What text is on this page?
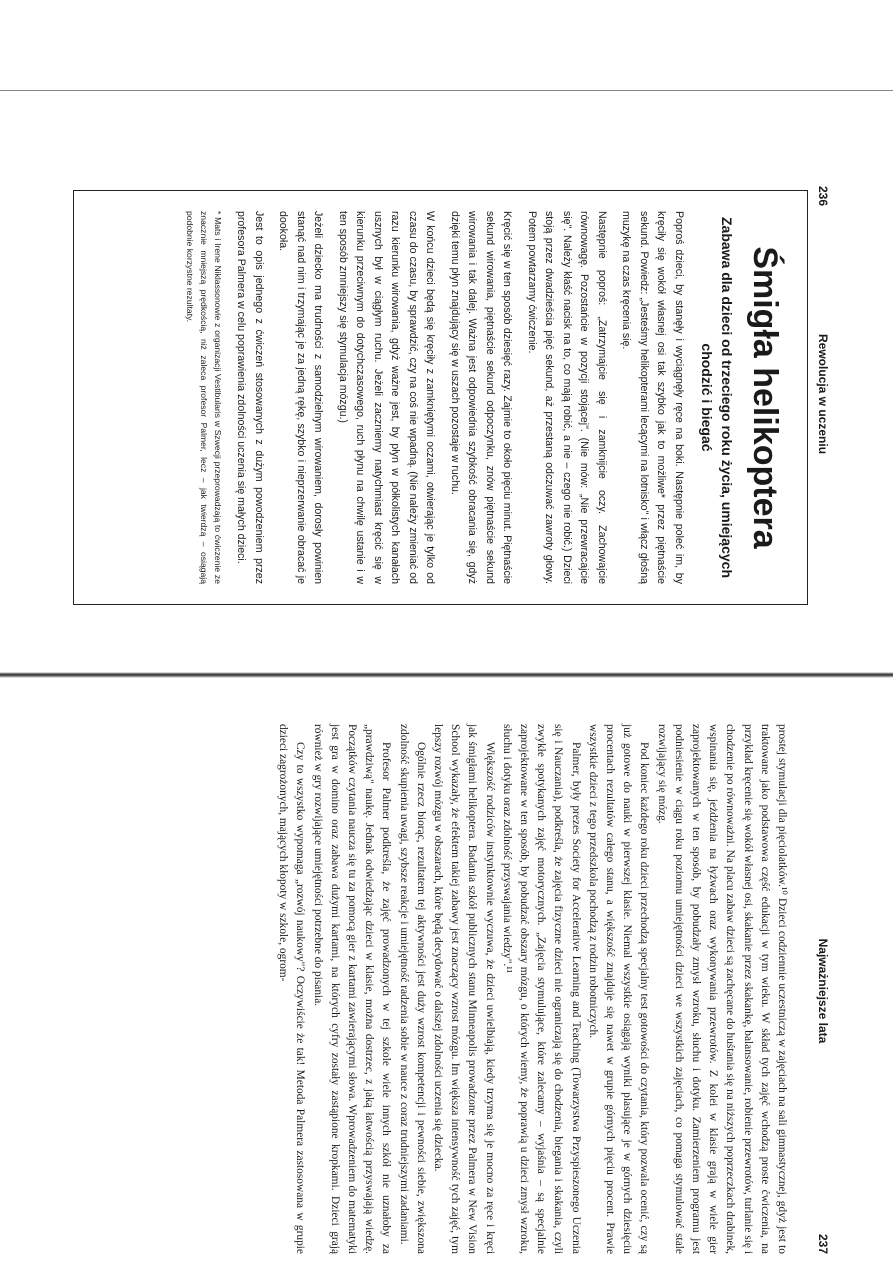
236
Rewolucja w uczeniu
Śmigła helikoptera
Zabawa dla dzieci od trzeciego roku życia, umiejących chodzić i biegać

Poproś dzieci, by stanęły i wyciągnęły ręce na boki. Następnie poleć im, by kręciły się wokół własnej osi tak szybko jak to możliwe* przez piętnaście sekund. Powiedz: „Jesteśmy helikopterami lecącymi na lotnisko" i włącz głośną muzykę na czas kręcenia się.

Następnie poproś: „Zatrzymajcie się i zamknijcie oczy. Zachowajcie równowagę. Pozostańcie w pozycji stojącej". (Nie mów: „Nie przewracajcie się". Należy kłaść nacisk na to, co mają robić, a nie – czego nie robić.) Dzieci stoją przez dwadzieścia pięć sekund, aż przestaną odczuwać zawroty głowy. Potem powtarzamy ćwiczenie.

Kręcić się w ten sposób dziesięć razy. Zajmie to około pięciu minut. Piętnaście sekund wirowania, piętnaście sekund odpoczynku, znów piętnaście sekund wirowania i tak dalej. Ważna jest odpowiednia szybkość obracania się, gdyż dzięki temu płyn znajdujący się w uszach pozostaje w ruchu.

W końcu dzieci będą się kręciły z zamkniętymi oczami, otwierając je tylko od czasu do czasu, by sprawdzić, czy na coś nie wpadną. (Nie należy zmieniać od razu kierunku wirowania, gdyż ważne jest, by płyn w półkolistych kanałach usznych był w ciągłym ruchu. Jeżeli zaczniemy natychmiast kręcić się w kierunku przeciwnym do dotychczasowego, ruch płynu na chwilę ustanie i w ten sposób zmniejszy się stymulacja mózgu.)

Jeżeli dziecko ma trudności z samodzielnym wirowaniem, dorosły powinien stanąć nad nim i trzymając je za jedną rękę, szybko i nieprzerwanie obracać je dookoła.

Jest to opis jednego z ćwiczeń stosowanych z dużym powodzeniem przez profesora Palmera w celu poprawienia zdolności uczenia się małych dzieci.

* Mats i Irene Niklassonowie z organizacji Vestibularis w Szwecji przeprowadzają to ćwiczenie ze znacznie mniejszą prędkością, niż zaleca profesor Palmer, lecz – jak twierdzą – osiągają podobnie korzystne rezultaty.

Najważniejsze lata
237

prostej stymulacji dla pięciolatków.¹⁰ Dzieci codziennie uczestniczą w zajęciach na sali gimnastycznej, gdyż jest to traktowane jako podstawowa część edukacji w tym wieku. W skład tych zajęć wchodzą proste ćwiczenia, na przykład kręcenie się wokół własnej osi, skakanie przez skakankę, balansowanie, robienie przewrotów, turlanie się i chodzenie po równoważni. Na placu zabaw dzieci są zachęcane do huśtania się na niższych poprzeczkach drabinek, wspinania się, jeżdżenia na łyżwach oraz wykonywania przewrotów. Z kolei w klasie grają w wiele gier zaprojektowanych w ten sposób, by pobudzały zmysł wzroku, słuchu i dotyku. Zamierzeniem programu jest podniesienie w ciągu roku poziomu umiejętności dzieci we wszystkich zajęciach, co pomaga stymulować stale rozwijający się mózg.

Pod koniec każdego roku dzieci przechodzą specjalny test gotowości do czytania, który pozwala ocenić, czy są już gotowe do nauki w pierwszej klasie. Niemal wszystkie osiągają wyniki plasujące je w górnych dziesięciu procentach rezultatów całego stanu, a większość znajduje się nawet w grupie górnych pięciu procent. Prawie wszystkie dzieci z tego przedszkola pochodzą z rodzin robotniczych.

Palmer, były prezes Society for Accelerative Learning and Teaching (Towarzystwa Przyspieszonego Uczenia się i Nauczania), podkreśla, że zajęcia fizyczne dzieci nie ograniczają się do chodzenia, biegania i skakania, czyli zwykłe spotykanych zajęć motorycznych. „Zajęcia stymulujące, które zalecamy – wyjaśnia – są specjalnie zaprojektowane w ten sposób, by pobudzać obszary mózgu, o których wiemy, że poprawią u dzieci zmysł wzroku, słuchu i dotyku oraz zdolność przyswajania wiedzy".¹¹

Większość rodziców instynktownie wyczuwa, że dzieci uwielbiają, kiedy trzyma się je mocno za ręce i kręci jak śmigłami helikoptera. Badania szkół publicznych stanu Minneapolis prowadzone przez Palmera w New Vision School wykazały, że efektem takiej zabawy jest znaczący wzrost mózgu. Im większa intensywność tych zajęć, tym lepszy rozwój mózgu w obszarach, które będą decydować o dalszej zdolności uczenia się dziecka.

Ogólnie rzecz biorąc, rezultatem tej aktywności jest duży wzrost kompetencji i pewności siebie, zwiększona zdolność skupienia uwagi, szybsze reakcje i umiejętność radzenia sobie w nauce z coraz trudniejszymi zadaniami.

Profesor Palmer podkreśla, że zajęć prowadzonych w tej szkole wiele innych szkół nie uznałoby za „prawdziwą" naukę. Jednak odwiedzając dzieci w klasie, można dostrzec, z jaką łatwością przyswajają wiedzę. Początków czytania naucza się tu za pomocą gier z kartami zawierającymi słowa. Wprowadzeniem do matematyki jest gra w domino oraz zabawa dużymi kartami, na których cyfry zostały zastąpione kropkami. Dzieci grają również w gry rozwijające umiejętności potrzebne do pisania.

Czy to wszystko wypomaga „rozwój naukowy"? Oczywiście że tak! Metoda Palmera zastosowana w grupie dzieci zagrożonych, mających kłopoty w szkole, ogrom-
